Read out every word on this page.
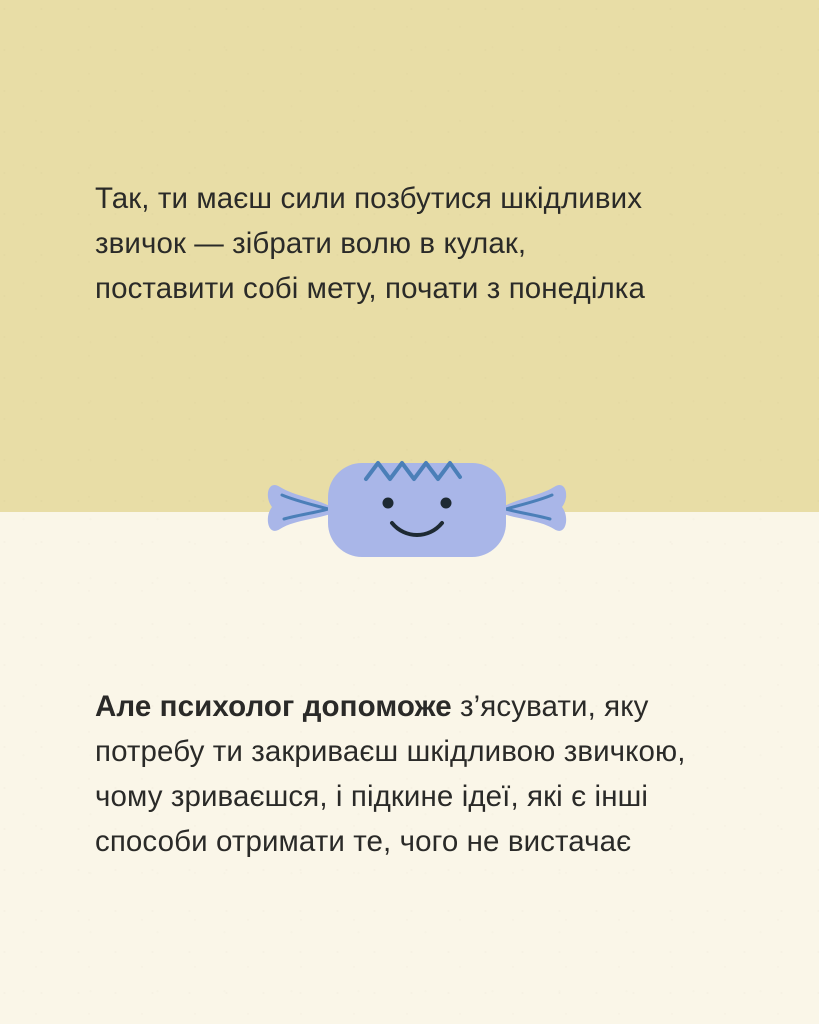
Так, ти маєш сили позбутися шкідливих звичок — зібрати волю в кулак, поставити собі мету, почати з понеділка
Але психолог допоможе з’ясувати, яку потребу ти закриваєш шкідливою звичкою, чому зриваєшся, і підкине ідеї, які є інші способи отримати те, чого не вистачає
